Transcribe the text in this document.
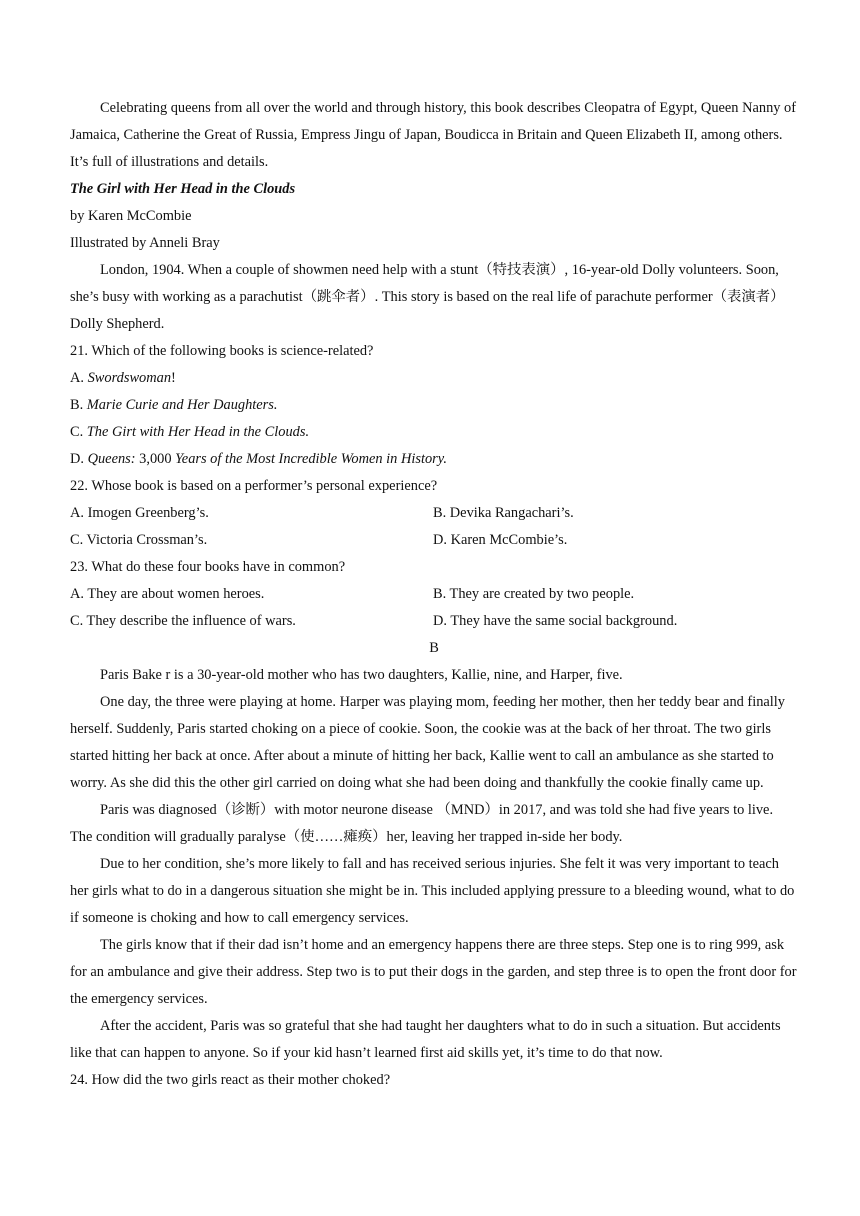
Celebrating queens from all over the world and through history, this book describes Cleopatra of Egypt, Queen Nanny of Jamaica, Catherine the Great of Russia, Empress Jingu of Japan, Boudicca in Britain and Queen Elizabeth II, among others. It’s full of illustrations and details.

The Girl with Her Head in the Clouds

by Karen McCombie

Illustrated by Anneli Bray

London, 1904. When a couple of showmen need help with a stunt（特技表演）, 16-year-old Dolly volunteers. Soon, she’s busy with working as a parachutist（跳伞者）. This story is based on the real life of parachute performer（表演者）Dolly Shepherd.

21. Which of the following books is science-related?

A. Swordswoman!

B. Marie Curie and Her Daughters.

C. The Girt with Her Head in the Clouds.

D. Queens: 3,000 Years of the Most Incredible Women in History.

22. Whose book is based on a performer’s personal experience?

A. Imogen Greenberg’s.	B. Devika Rangachari’s.
C. Victoria Crossman’s.	D. Karen McCombie’s.

23. What do these four books have in common?

A. They are about women heroes.	B. They are created by two people.
C. They describe the influence of wars.	D. They have the same social background.

B

Paris Bake r is a 30-year-old mother who has two daughters, Kallie, nine, and Harper, five.

One day, the three were playing at home. Harper was playing mom, feeding her mother, then her teddy bear and finally herself. Suddenly, Paris started choking on a piece of cookie. Soon, the cookie was at the back of her throat. The two girls started hitting her back at once. After about a minute of hitting her back, Kallie went to call an ambulance as she started to worry. As she did this the other girl carried on doing what she had been doing and thankfully the cookie finally came up.

Paris was diagnosed（诊断）with motor neurone disease （MND）in 2017, and was told she had five years to live. The condition will gradually paralyse（使……瘫痪）her, leaving her trapped in-side her body.

Due to her condition, she’s more likely to fall and has received serious injuries. She felt it was very important to teach her girls what to do in a dangerous situation she might be in. This included applying pressure to a bleeding wound, what to do if someone is choking and how to call emergency services.

The girls know that if their dad isn’t home and an emergency happens there are three steps. Step one is to ring 999, ask for an ambulance and give their address. Step two is to put their dogs in the garden, and step three is to open the front door for the emergency services.

After the accident, Paris was so grateful that she had taught her daughters what to do in such a situation. But accidents like that can happen to anyone. So if your kid hasn’t learned first aid skills yet, it’s time to do that now.

24. How did the two girls react as their mother choked?
